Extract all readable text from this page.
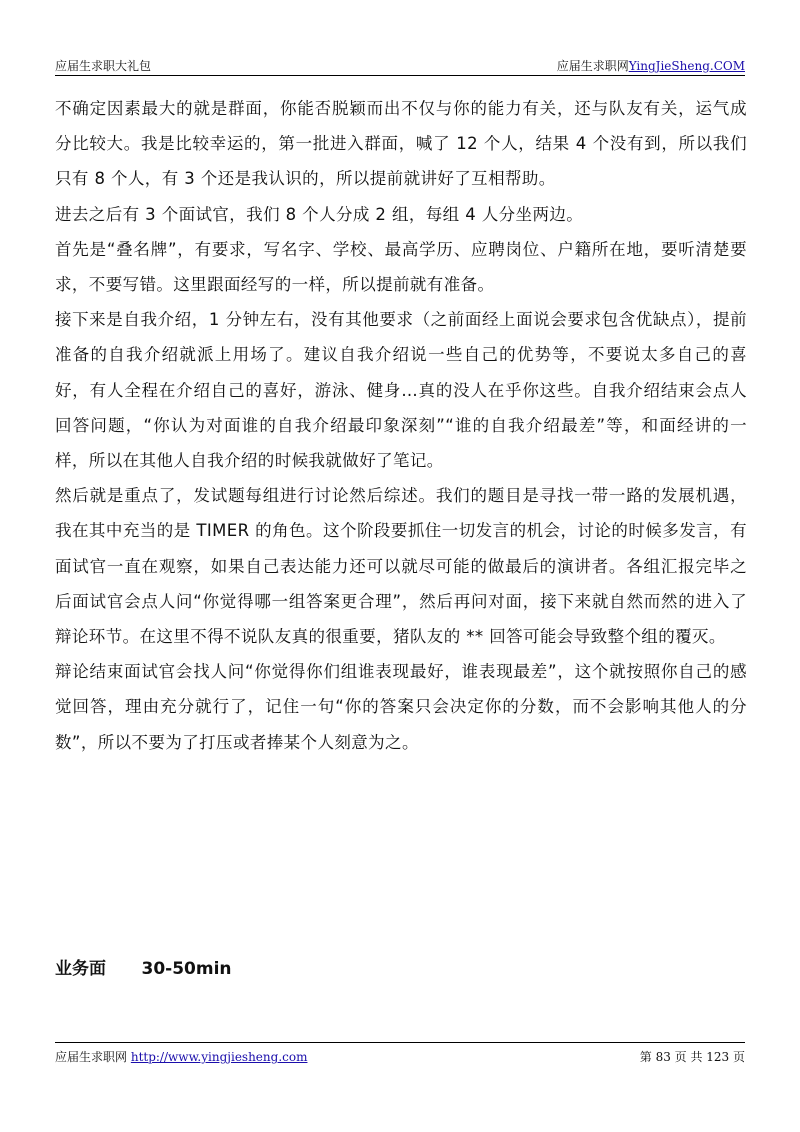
应届生求职大礼包	应届生求职网YingJieSheng.COM

不确定因素最大的就是群面，你能否脱颖而出不仅与你的能力有关，还与队友有关，运气成分比较大。我是比较幸运的，第一批进入群面，喊了 12 个人，结果 4 个没有到，所以我们只有 8 个人，有 3 个还是我认识的，所以提前就讲好了互相帮助。

进去之后有 3 个面试官，我们 8 个人分成 2 组，每组 4 人分坐两边。

首先是“叠名牌”，有要求，写名字、学校、最高学历、应聘岗位、户籍所在地，要听清楚要求，不要写错。这里跟面经写的一样，所以提前就有准备。

接下来是自我介绍，1 分钟左右，没有其他要求（之前面经上面说会要求包含优缺点），提前准备的自我介绍就派上用场了。建议自我介绍说一些自己的优势等，不要说太多自己的喜好，有人全程在介绍自己的喜好，游泳、健身…真的没人在乎你这些。自我介绍结束会点人回答问题，“你认为对面谁的自我介绍最印象深刻”“谁的自我介绍最差”等，和面经讲的一样，所以在其他人自我介绍的时候我就做好了笔记。

然后就是重点了，发试题每组进行讨论然后综述。我们的题目是寻找一带一路的发展机遇，我在其中充当的是 TIMER 的角色。这个阶段要抓住一切发言的机会，讨论的时候多发言，有面试官一直在观察，如果自己表达能力还可以就尽可能的做最后的演讲者。各组汇报完毕之后面试官会点人问“你觉得哪一组答案更合理”，然后再问对面，接下来就自然而然的进入了辩论环节。在这里不得不说队友真的很重要，猪队友的 ** 回答可能会导致整个组的覆灭。

辩论结束面试官会找人问“你觉得你们组谁表现最好，谁表现最差”，这个就按照你自己的感觉回答，理由充分就行了，记住一句“你的答案只会决定你的分数，而不会影响其他人的分数”，所以不要为了打压或者捧某个人刻意为之。

业务面      30-50min
应届生求职网 http://www.yingjiesheng.com	第 83 页 共 123 页
